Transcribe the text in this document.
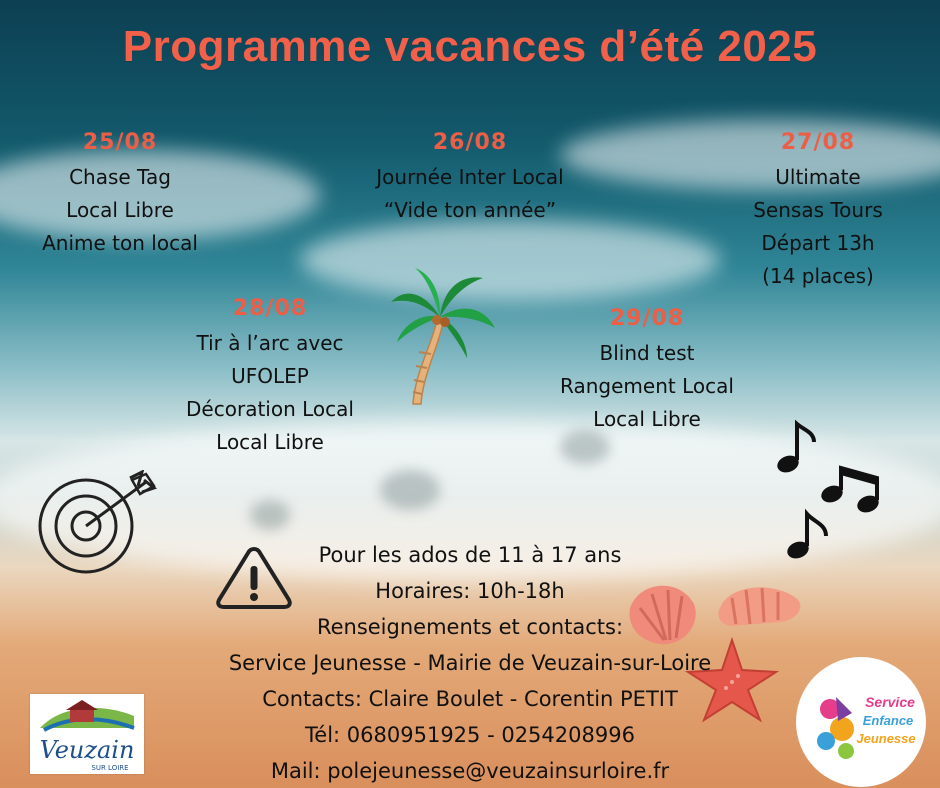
Programme vacances d’été 2025
25/08
Chase Tag
Local Libre
Anime ton local
26/08
Journée Inter Local
“Vide ton année”
27/08
Ultimate
Sensas Tours
Départ 13h
(14 places)
28/08
Tir à l’arc avec
UFOLEP
Décoration Local
Local Libre
29/08
Blind test
Rangement Local
Local Libre
Pour les ados de 11 à 17 ans
Horaires: 10h-18h
Renseignements et contacts:
Service Jeunesse - Mairie de Veuzain-sur-Loire
Contacts: Claire Boulet - Corentin PETIT
Tél: 0680951925 - 0254208996
Mail: polejeunesse@veuzainsurloire.fr
Veuzain
SUR LOIRE
Service
Enfance
Jeunesse
